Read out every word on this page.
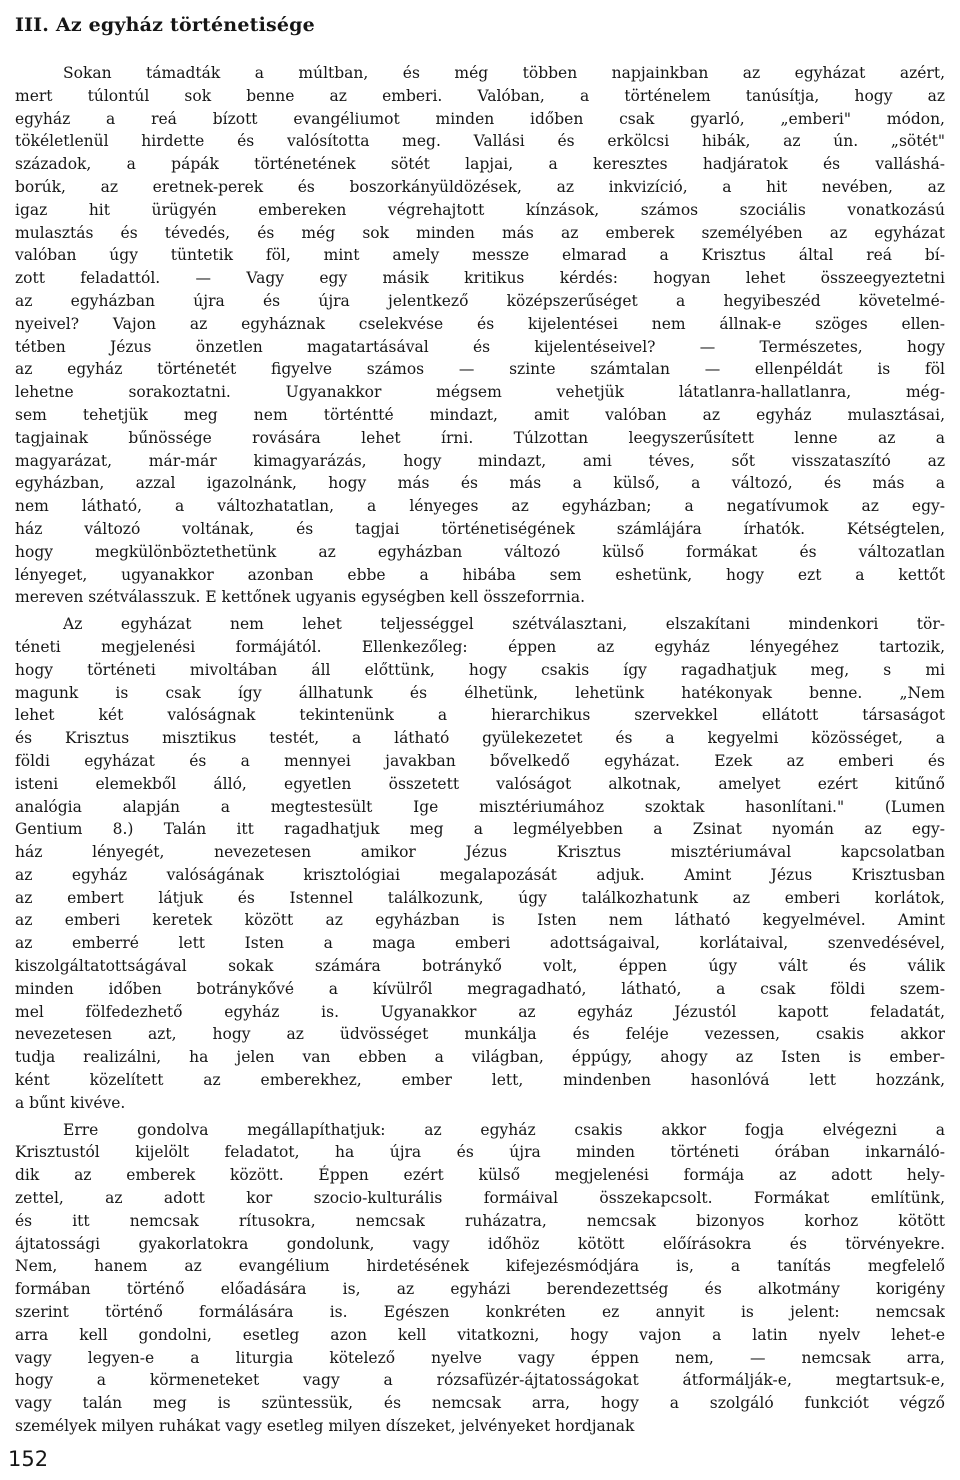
III. Az egyház történetisége
Sokan támadták a múltban, és még többen napjainkban az egyházat azért,
mert túlontúl sok benne az emberi. Valóban, a történelem tanúsítja, hogy az
egyház a reá bízott evangéliumot minden időben csak gyarló, „emberi" módon,
tökéletlenül hirdette és valósította meg. Vallási és erkölcsi hibák, az ún. „sötét"
századok, a pápák történetének sötét lapjai, a keresztes hadjáratok és valláshá-
borúk, az eretnek-perek és boszorkányüldözések, az inkvizíció, a hit nevében, az
igaz hit ürügyén embereken végrehajtott kínzások, számos szociális vonatkozású
mulasztás és tévedés, és még sok minden más az emberek személyében az egyházat
valóban úgy tüntetik föl, mint amely messze elmarad a Krisztus által reá bí-
zott feladattól. — Vagy egy másik kritikus kérdés: hogyan lehet összeegyeztetni
az egyházban újra és újra jelentkező középszerűséget a hegyibeszéd követelmé-
nyeivel? Vajon az egyháznak cselekvése és kijelentései nem állnak-e szöges ellen-
tétben Jézus önzetlen magatartásával és kijelentéseivel? — Természetes, hogy
az egyház történetét figyelve számos — szinte számtalan — ellenpéldát is föl
lehetne sorakoztatni. Ugyanakkor mégsem vehetjük látatlanra-hallatlanra, még-
sem tehetjük meg nem történtté mindazt, amit valóban az egyház mulasztásai,
tagjainak bűnössége rovására lehet írni. Túlzottan leegyszerűsített lenne az a
magyarázat, már-már kimagyarázás, hogy mindazt, ami téves, sőt visszataszító az
egyházban, azzal igazolnánk, hogy más és más a külső, a változó, és más a
nem látható, a változhatatlan, a lényeges az egyházban; a negatívumok az egy-
ház változó voltának, és tagjai történetiségének számlájára írhatók. Kétségtelen,
hogy megkülönböztethetünk az egyházban változó külső formákat és változatlan
lényeget, ugyanakkor azonban ebbe a hibába sem eshetünk, hogy ezt a kettőt
mereven szétválasszuk. E kettőnek ugyanis egységben kell összeforrnia.
Az egyházat nem lehet teljességgel szétválasztani, elszakítani mindenkori tör-
téneti megjelenési formájától. Ellenkezőleg: éppen az egyház lényegéhez tartozik,
hogy történeti mivoltában áll előttünk, hogy csakis így ragadhatjuk meg, s mi
magunk is csak így állhatunk és élhetünk, lehetünk hatékonyak benne. „Nem
lehet két valóságnak tekintenünk a hierarchikus szervekkel ellátott társaságot
és Krisztus misztikus testét, a látható gyülekezetet és a kegyelmi közösséget, a
földi egyházat és a mennyei javakban bővelkedő egyházat. Ezek az emberi és
isteni elemekből álló, egyetlen összetett valóságot alkotnak, amelyet ezért kitűnő
analógia alapján a megtestesült Ige misztériumához szoktak hasonlítani." (Lumen
Gentium 8.) Talán itt ragadhatjuk meg a legmélyebben a Zsinat nyomán az egy-
ház lényegét, nevezetesen amikor Jézus Krisztus misztériumával kapcsolatban
az egyház valóságának krisztológiai megalapozását adjuk. Amint Jézus Krisztusban
az embert látjuk és Istennel találkozunk, úgy találkozhatunk az emberi korlátok,
az emberi keretek között az egyházban is Isten nem látható kegyelmével. Amint
az emberré lett Isten a maga emberi adottságaival, korlátaival, szenvedésével,
kiszolgáltatottságával sokak számára botránykő volt, éppen úgy vált és válik
minden időben botránykővé a kívülről megragadható, látható, a csak földi szem-
mel fölfedezhető egyház is. Ugyanakkor az egyház Jézustól kapott feladatát,
nevezetesen azt, hogy az üdvösséget munkálja és feléje vezessen, csakis akkor
tudja realizálni, ha jelen van ebben a világban, éppúgy, ahogy az Isten is ember-
ként közelített az emberekhez, ember lett, mindenben hasonlóvá lett hozzánk,
a bűnt kivéve.
Erre gondolva megállapíthatjuk: az egyház csakis akkor fogja elvégezni a
Krisztustól kijelölt feladatot, ha újra és újra minden történeti órában inkarnáló-
dik az emberek között. Éppen ezért külső megjelenési formája az adott hely-
zettel, az adott kor szocio-kulturális formáival összekapcsolt. Formákat említünk,
és itt nemcsak rítusokra, nemcsak ruházatra, nemcsak bizonyos korhoz kötött
ájtatossági gyakorlatokra gondolunk, vagy időhöz kötött előírásokra és törvényekre.
Nem, hanem az evangélium hirdetésének kifejezésmódjára is, a tanítás megfelelő
formában történő előadására is, az egyházi berendezettség és alkotmány korigény
szerint történő formálására is. Egészen konkréten ez annyit is jelent: nemcsak
arra kell gondolni, esetleg azon kell vitatkozni, hogy vajon a latin nyelv lehet-e
vagy legyen-e a liturgia kötelező nyelve vagy éppen nem, — nemcsak arra,
hogy a körmeneteket vagy a rózsafüzér-ájtatosságokat átformálják-e, megtartsuk-e,
vagy talán meg is szüntessük, és nemcsak arra, hogy a szolgáló funkciót végző
személyek milyen ruhákat vagy esetleg milyen díszeket, jelvényeket hordjanak
152
